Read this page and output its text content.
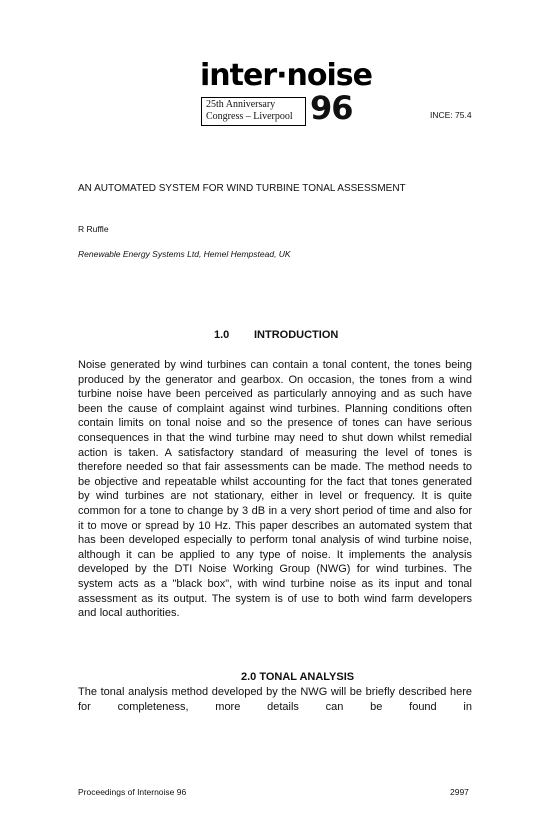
inter·noise
25th Anniversary
Congress – Liverpool 96	INCE: 75.4
AN AUTOMATED SYSTEM FOR WIND TURBINE TONAL ASSESSMENT
R Ruffle
Renewable Energy Systems Ltd, Hemel Hempstead, UK
1.0 INTRODUCTION
Noise generated by wind turbines can contain a tonal content, the tones being produced by the generator and gearbox. On occasion, the tones from a wind turbine noise have been perceived as particularly annoying and as such have been the cause of complaint against wind turbines. Planning conditions often contain limits on tonal noise and so the presence of tones can have serious consequences in that the wind turbine may need to shut down whilst remedial action is taken. A satisfactory standard of measuring the level of tones is therefore needed so that fair assessments can be made. The method needs to be objective and repeatable whilst accounting for the fact that tones generated by wind turbines are not stationary, either in level or frequency. It is quite common for a tone to change by 3 dB in a very short period of time and also for it to move or spread by 10 Hz. This paper describes an automated system that has been developed especially to perform tonal analysis of wind turbine noise, although it can be applied to any type of noise. It implements the analysis developed by the DTI Noise Working Group (NWG) for wind turbines. The system acts as a "black box", with wind turbine noise as its input and tonal assessment as its output. The system is of use to both wind farm developers and local authorities.
2.0 TONAL ANALYSIS
The tonal analysis method developed by the NWG will be briefly described here for completeness, more details can be found in
Proceedings of Internoise 96	2997
